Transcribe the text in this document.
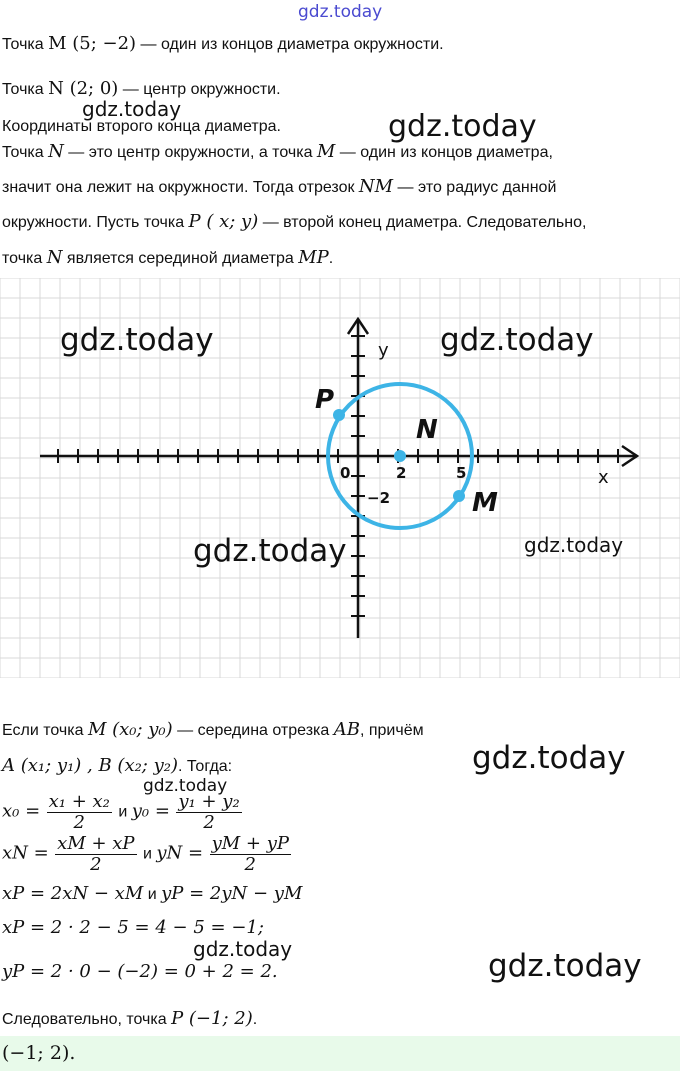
gdz.today
Точка M (5; −2) — один из концов диаметра окружности.
Точка N (2; 0) — центр окружности.
gdz.today
Координаты второго конца диаметра.	gdz.today
Точка N — это центр окружности, а точка M — один из концов диаметра,
значит она лежит на окружности. Тогда отрезок NM — это радиус данной
окружности. Пусть точка P ( x; y) — второй конец диаметра. Следовательно,
точка N является серединой диаметра MP.
x
y
0	2	5
−2
P
N
M
gdz.today	gdz.today
gdz.today	gdz.today
Если точка M (x₀; y₀) — середина отрезка AB, причём
A (x₁; y₁) , B (x₂; y₂). Тогда:	gdz.today
gdz.today
$x_0 = \frac{\text{x₁ + x₂}}{2}$ и $y_0 = \frac{\text{y₁ + y₂}}{2}$
xN = $\frac{xM + xP}{2}$ и yN = $\frac{yM + yP}{2}$
xP = 2xN − xM и yP = 2yN − yM
xP = 2 · 2 − 5 = 4 − 5 = −1;
gdz.today
yP = 2 · 0 − (−2) = 0 + 2 = 2.	gdz.today
Следовательно, точка P (−1; 2).
(−1; 2).
